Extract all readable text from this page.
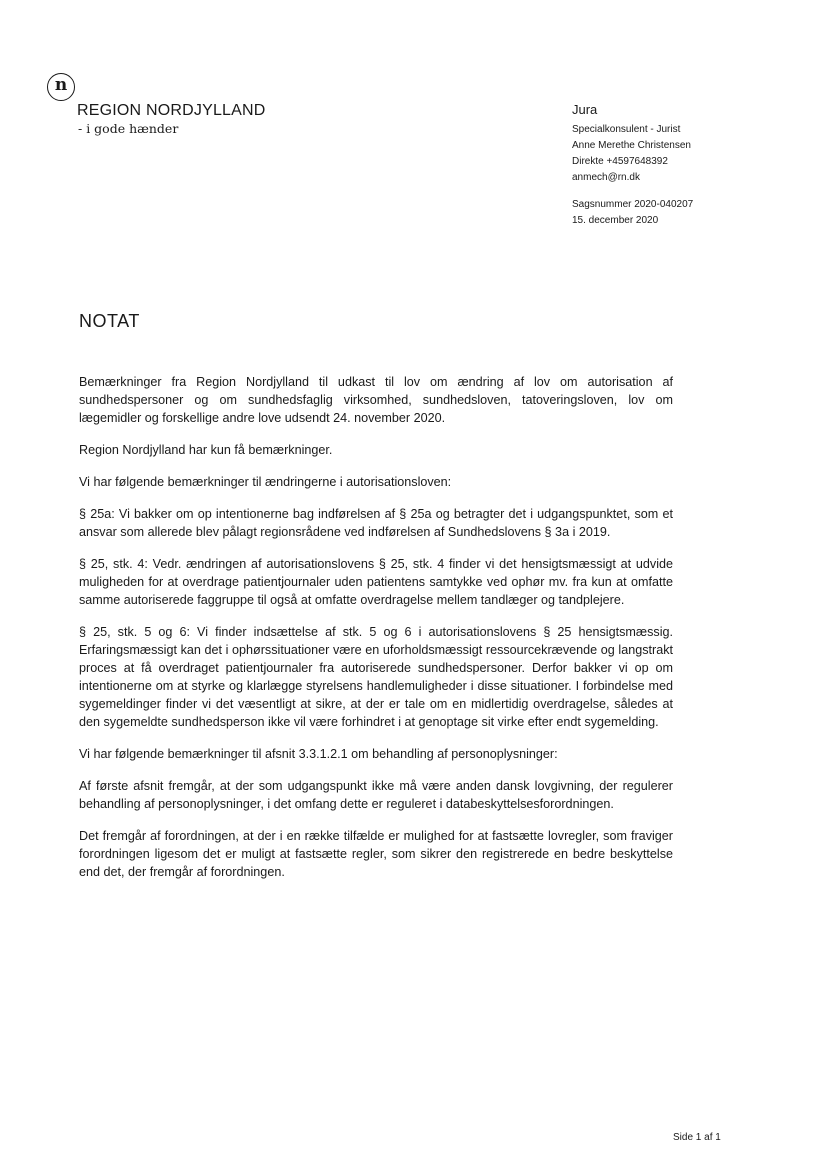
n
REGION NORDJYLLAND
- i gode hænder
Jura
Specialkonsulent - Jurist
Anne Merethe Christensen
Direkte +4597648392
anmech@rn.dk
Sagsnummer 2020-040207
15. december 2020
NOTAT

Bemærkninger fra Region Nordjylland til udkast til lov om ændring af lov om autorisation af sundhedspersoner og om sundhedsfaglig virksomhed, sundhedsloven, tatoveringsloven, lov om lægemidler og forskellige andre love udsendt 24. november 2020.

Region Nordjylland har kun få bemærkninger.

Vi har følgende bemærkninger til ændringerne i autorisationsloven:

§ 25a: Vi bakker om op intentionerne bag indførelsen af § 25a og betragter det i udgangspunktet, som et ansvar som allerede blev pålagt regionsrådene ved indførelsen af Sundhedslovens § 3a i 2019.

§ 25, stk. 4: Vedr. ændringen af autorisationslovens § 25, stk. 4 finder vi det hensigtsmæssigt at udvide muligheden for at overdrage patientjournaler uden patientens samtykke ved ophør mv. fra kun at omfatte samme autoriserede faggruppe til også at omfatte overdragelse mellem tandlæger og tandplejere.

§ 25, stk. 5 og 6: Vi finder indsættelse af stk. 5 og 6 i autorisationslovens § 25 hensigtsmæssig. Erfaringsmæssigt kan det i ophørssituationer være en uforholdsmæssigt ressourcekrævende og langstrakt proces at få overdraget patientjournaler fra autoriserede sundhedspersoner. Derfor bakker vi op om intentionerne om at styrke og klarlægge styrelsens handlemuligheder i disse situationer. I forbindelse med sygemeldinger finder vi det væsentligt at sikre, at der er tale om en midlertidig overdragelse, således at den sygemeldte sundhedsperson ikke vil være forhindret i at genoptage sit virke efter endt sygemelding.

Vi har følgende bemærkninger til afsnit 3.3.1.2.1 om behandling af personoplysninger:

Af første afsnit fremgår, at der som udgangspunkt ikke må være anden dansk lovgivning, der regulerer behandling af personoplysninger, i det omfang dette er reguleret i databeskyttelsesforordningen.

Det fremgår af forordningen, at der i en række tilfælde er mulighed for at fastsætte lovregler, som fraviger forordningen ligesom det er muligt at fastsætte regler, som sikrer den registrerede en bedre beskyttelse end det, der fremgår af forordningen.

Side 1 af 1
